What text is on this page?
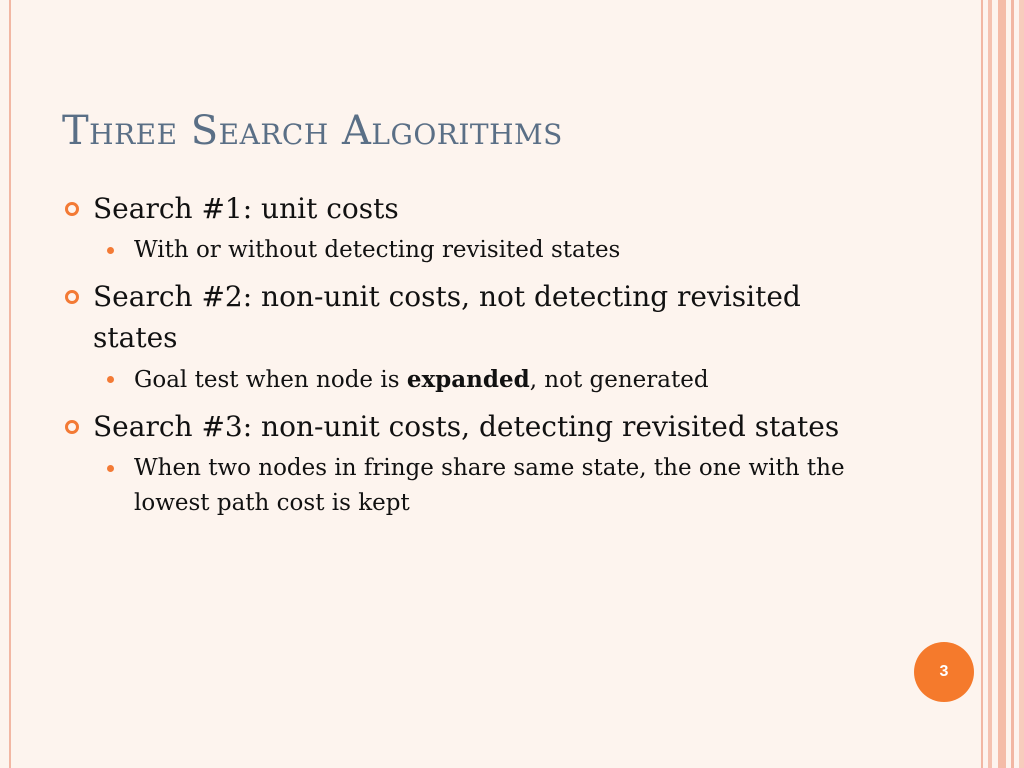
Three Search Algorithms
Search #1: unit costs
With or without detecting revisited states
Search #2: non-unit costs, not detecting revisited states
Goal test when node is expanded, not generated
Search #3: non-unit costs, detecting revisited states
When two nodes in fringe share same state, the one with the lowest path cost is kept
3
